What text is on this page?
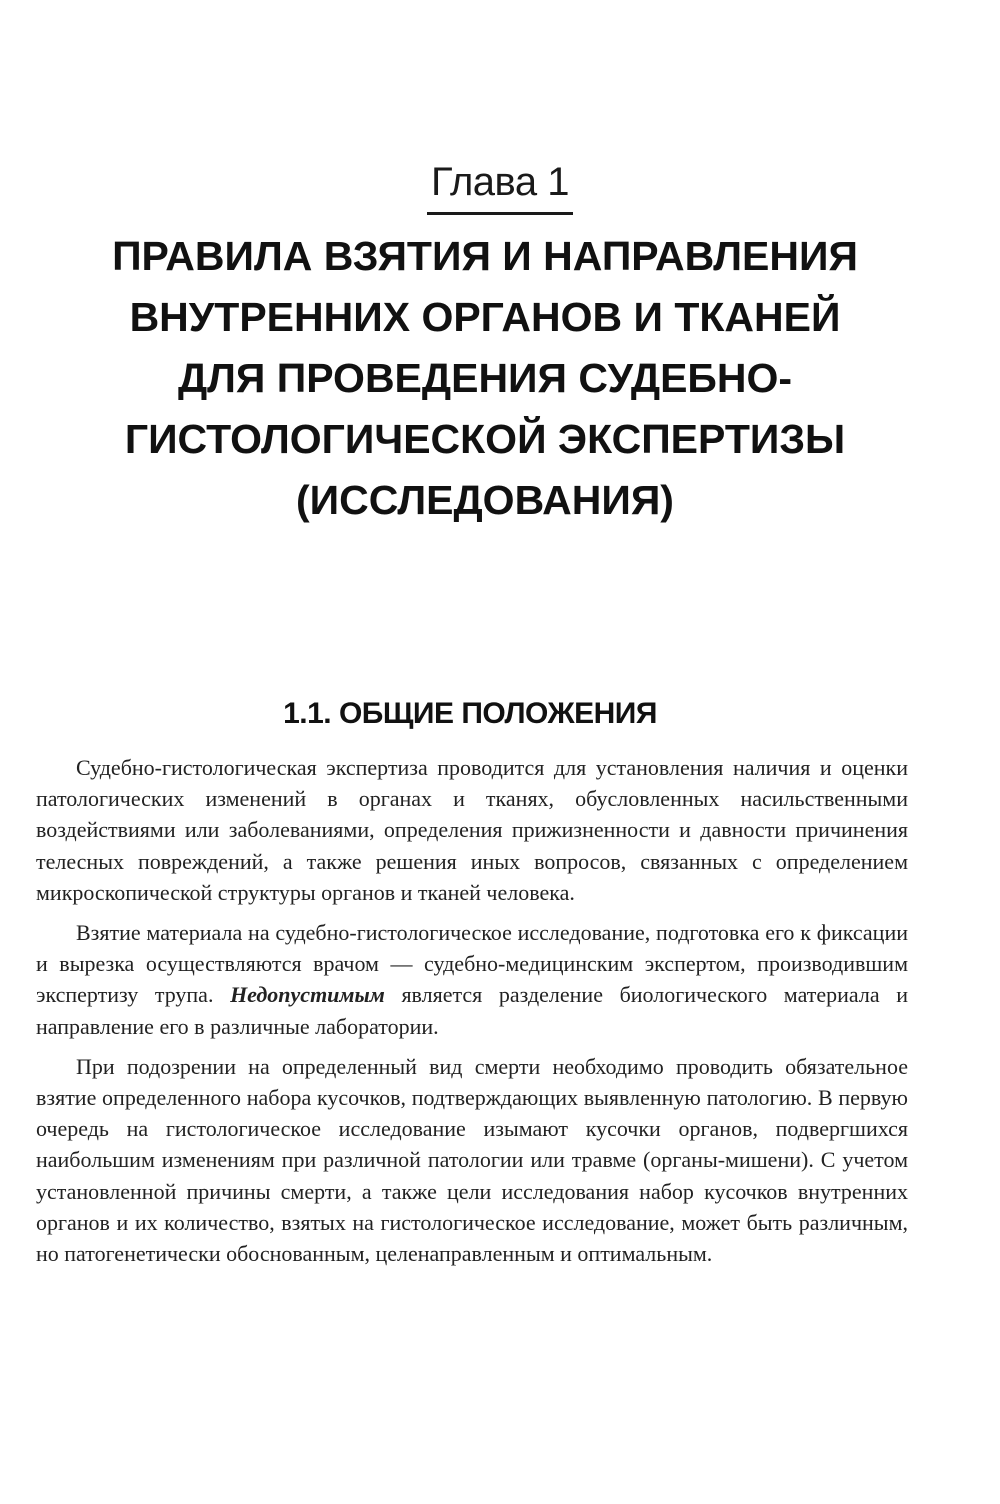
Глава 1
ПРАВИЛА ВЗЯТИЯ И НАПРАВЛЕНИЯ
ВНУТРЕННИХ ОРГАНОВ И ТКАНЕЙ
ДЛЯ ПРОВЕДЕНИЯ СУДЕБНО-
ГИСТОЛОГИЧЕСКОЙ ЭКСПЕРТИЗЫ
(ИССЛЕДОВАНИЯ)
1.1. ОБЩИЕ ПОЛОЖЕНИЯ

Судебно-гистологическая экспертиза проводится для установления наличия и оценки патологических изменений в органах и тканях, обусловленных насильственными воздействиями или заболеваниями, определения прижизненности и давности причинения телесных повреждений, а также решения иных вопросов, связанных с определением микроскопической структуры органов и тканей человека.

Взятие материала на судебно-гистологическое исследование, подготовка его к фиксации и вырезка осуществляются врачом — судебно-медицинским экспертом, производившим экспертизу трупа. Недопустимым является разделение биологического материала и направление его в различные лаборатории.

При подозрении на определенный вид смерти необходимо проводить обязательное взятие определенного набора кусочков, подтверждающих выявленную патологию. В первую очередь на гистологическое исследование изымают кусочки органов, подвергшихся наибольшим изменениям при различной патологии или травме (органы-мишени). С учетом установленной причины смерти, а также цели исследования набор кусочков внутренних органов и их количество, взятых на гистологическое исследование, может быть различным, но патогенетически обоснованным, целенаправленным и оптимальным.
